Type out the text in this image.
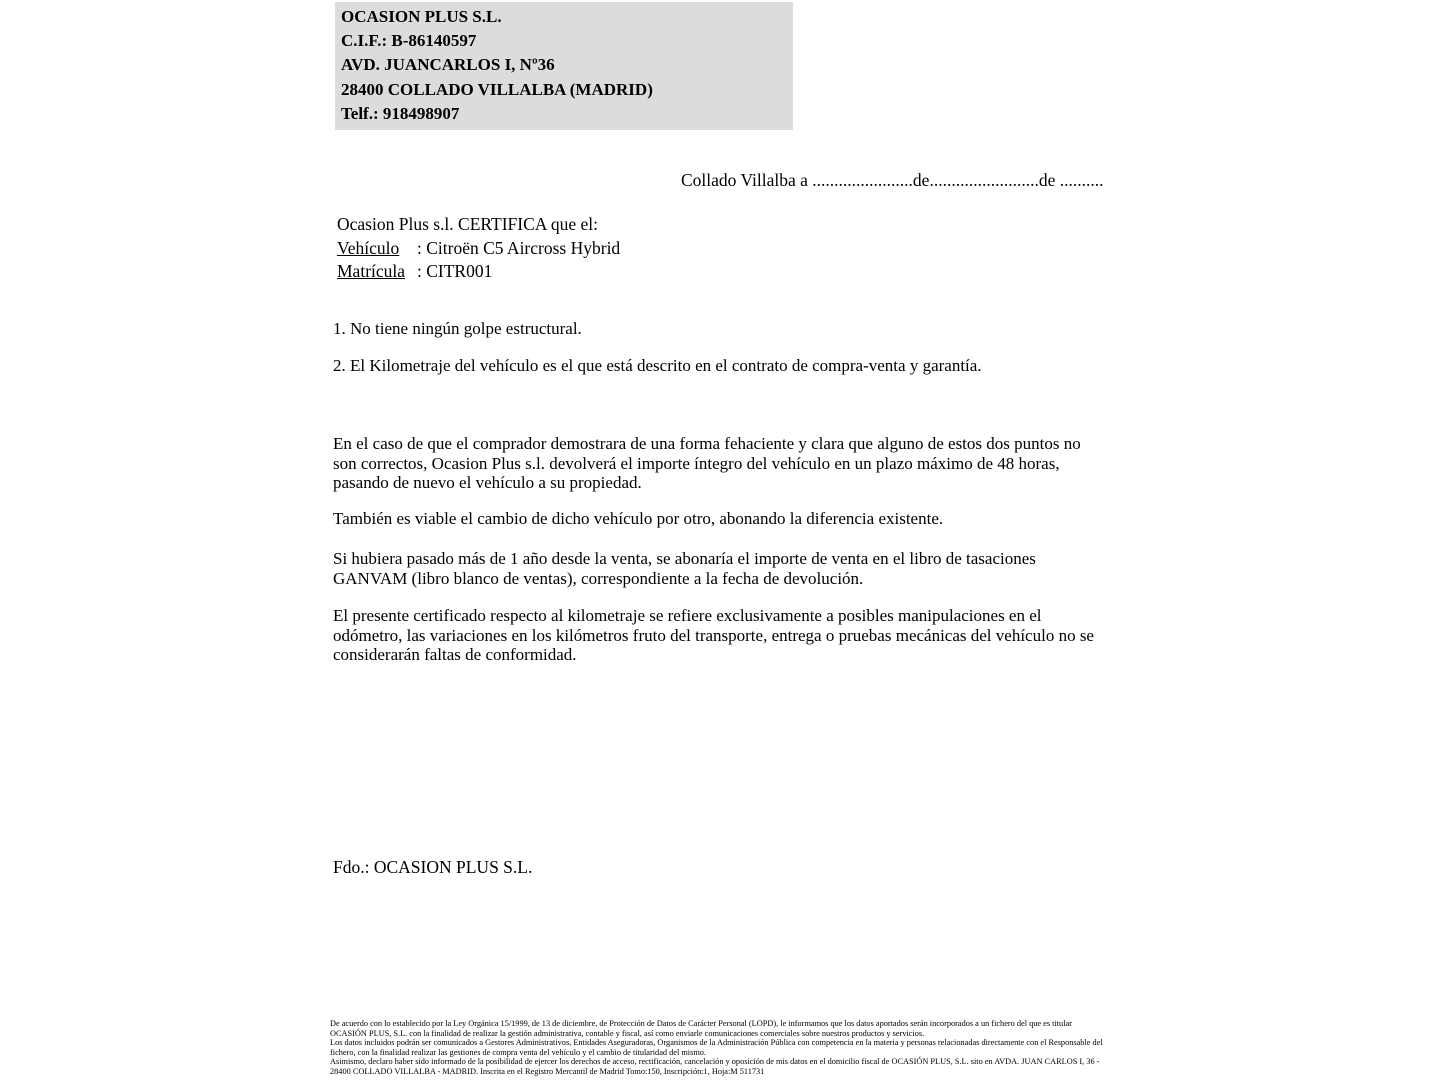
OCASION PLUS S.L.
C.I.F.: B-86140597
AVD. JUANCARLOS I, Nº36
28400 COLLADO VILLALBA (MADRID)
Telf.: 918498907
Collado Villalba a .......................de.........................de ..........
Ocasion Plus s.l. CERTIFICA que el:
Vehículo : Citroën C5 Aircross Hybrid
Matrícula : CITR001
1. No tiene ningún golpe estructural.
2. El Kilometraje del vehículo es el que está descrito en el contrato de compra-venta y garantía.
En el caso de que el comprador demostrara de una forma fehaciente y clara que alguno de estos dos puntos no son correctos, Ocasion Plus s.l. devolverá el importe íntegro del vehículo en un plazo máximo de 48 horas, pasando de nuevo el vehículo a su propiedad.
También es viable el cambio de dicho vehículo por otro, abonando la diferencia existente.
Si hubiera pasado más de 1 año desde la venta, se abonaría el importe de venta en el libro de tasaciones GANVAM (libro blanco de ventas), correspondiente a la fecha de devolución.
El presente certificado respecto al kilometraje se refiere exclusivamente a posibles manipulaciones en el odómetro, las variaciones en los kilómetros fruto del transporte, entrega o pruebas mecánicas del vehículo no se considerarán faltas de conformidad.
Fdo.: OCASION PLUS S.L.
De acuerdo con lo establecido por la Ley Orgánica 15/1999, de 13 de diciembre, de Protección de Datos de Carácter Personal (LOPD), le informamos que los datos aportados serán incorporados a un fichero del que es titular OCASIÓN PLUS, S.L. con la finalidad de realizar la gestión administrativa, contable y fiscal, así como enviarle comunicaciones comerciales sobre nuestros productos y servicios.
Los datos incluidos podrán ser comunicados a Gestores Administrativos, Entidades Aseguradoras, Organismos de la Administración Pública con competencia en la materia y personas relacionadas directamente con el Responsable del fichero, con la finalidad realizar las gestiones de compra venta del vehículo y el cambio de titularidad del mismo.
Asimismo, declaro haber sido informado de la posibilidad de ejercer los derechos de acceso, rectificación, cancelación y oposición de mis datos en el domicilio fiscal de OCASIÓN PLUS, S.L. sito en AVDA. JUAN CARLOS I, 36 - 28400 COLLADO VILLALBA - MADRID. Inscrita en el Registro Mercantil de Madrid Tomo:150, Inscripción:1, Hoja:M 511731
